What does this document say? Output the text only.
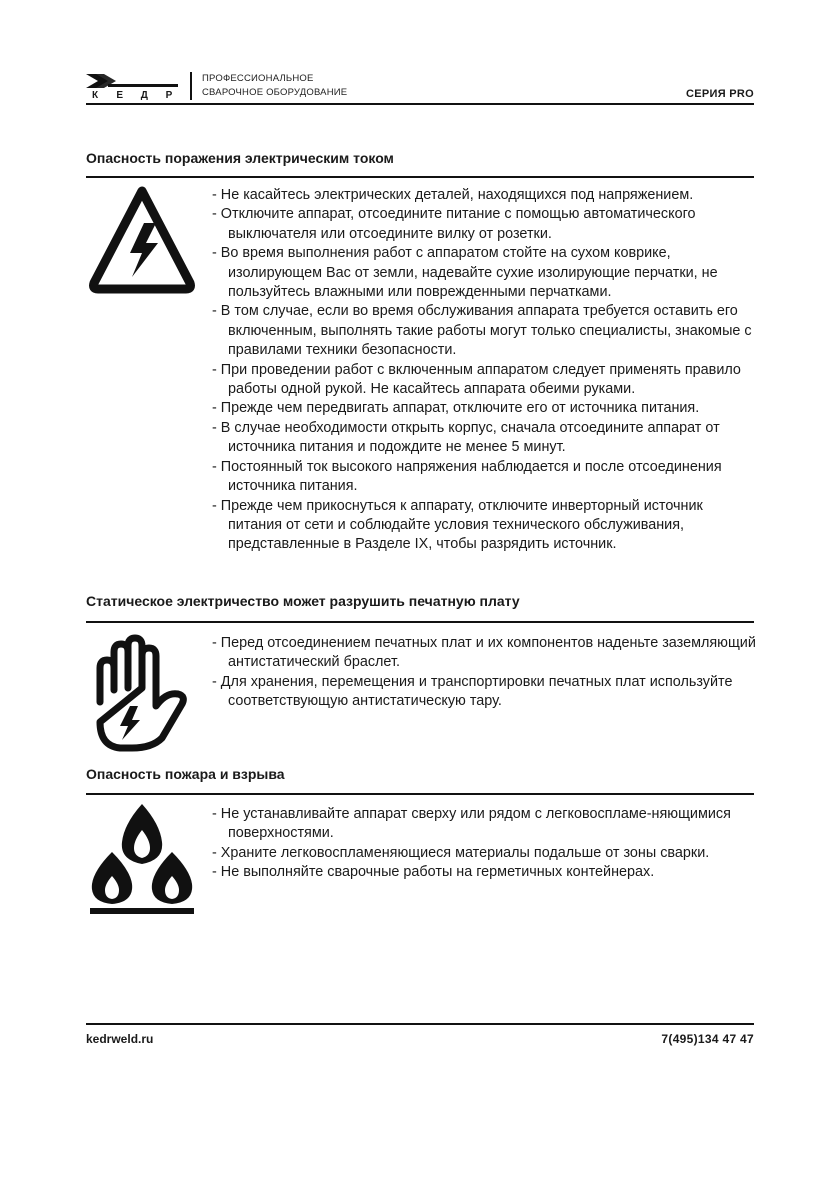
К	Е	Д	Р
ПРОФЕССИОНАЛЬНОЕ
СВАРОЧНОЕ ОБОРУДОВАНИЕ	СЕРИЯ PRO
Опасность поражения электрическим током
- Не касайтесь электрических деталей, находящихся под напряжением.
- Отключите аппарат, отсоедините питание с помощью автоматического выключателя или отсоедините вилку от розетки.
- Во время выполнения работ с аппаратом стойте на сухом коврике, изолирующем Вас от земли, надевайте сухие изолирующие перчатки, не пользуйтесь влажными или поврежденными перчатками.
- В том случае, если во время обслуживания аппарата требуется оставить его включенным, выполнять такие работы могут только специалисты, знакомые с правилами техники безопасности.
- При проведении работ с включенным аппаратом следует применять правило работы одной рукой. Не касайтесь аппарата обеими руками.
- Прежде чем передвигать аппарат, отключите его от источника питания.
- В случае необходимости открыть корпус, сначала отсоедините аппарат от источника питания и подождите не менее 5 минут.
- Постоянный ток высокого напряжения наблюдается и после отсоединения источника питания.
- Прежде чем прикоснуться к аппарату, отключите инверторный источник питания от сети и соблюдайте условия технического обслуживания, представленные в Разделе IX, чтобы разрядить источник.
Статическое электричество может разрушить печатную плату
- Перед отсоединением печатных плат и их компонентов наденьте заземляющий антистатический браслет.
- Для хранения, перемещения и транспортировки печатных плат используйте соответствующую антистатическую тару.
Опасность пожара и взрыва
- Не устанавливайте аппарат сверху или рядом с легковоспламе-няющимися поверхностями.
- Храните легковоспламеняющиеся материалы подальше от зоны сварки.
- Не выполняйте сварочные работы на герметичных контейнерах.
kedrweld.ru	7(495)134 47 47
